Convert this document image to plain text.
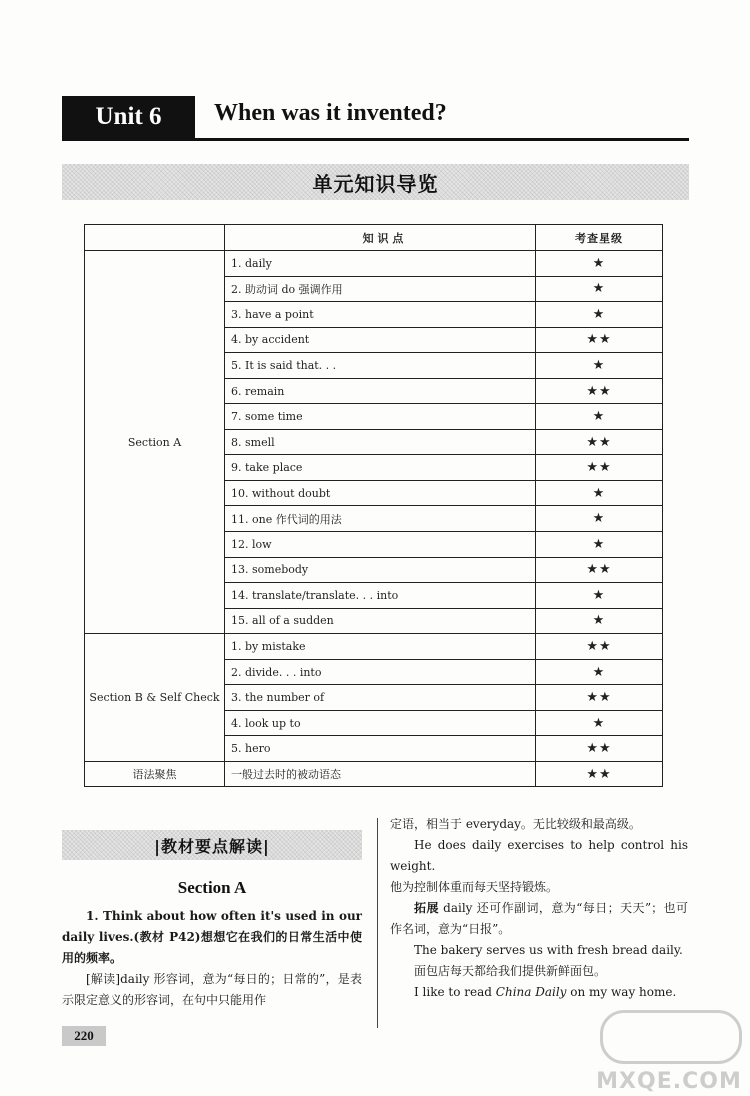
Unit 6	When was it invented?
单元知识导览
	知 识 点	考查星级
Section A	1. daily	★
	2. 助动词 do 强调作用	★
	3. have a point	★
	4. by accident	★★
	5. It is said that. . .	★
	6. remain	★★
	7. some time	★
	8. smell	★★
	9. take place	★★
	10. without doubt	★
	11. one 作代词的用法	★
	12. low	★
	13. somebody	★★
	14. translate/translate. . . into	★
	15. all of a sudden	★
Section B & Self Check	1. by mistake	★★
	2. divide. . . into	★
	3. the number of	★★
	4. look up to	★
	5. hero	★★
语法聚焦	一般过去时的被动语态	★★
|教材要点解读|
Section A

1. Think about how often it's used in our daily lives.(教材 P42)想想它在我们的日常生活中使用的频率。

[解读]daily 形容词，意为“每日的；日常的”，是表示限定意义的形容词，在句中只能用作

定语，相当于 everyday。无比较级和最高级。

He does daily exercises to help control his weight.

他为控制体重而每天坚持锻炼。

拓展 daily 还可作副词，意为“每日；天天”；也可作名词，意为“日报”。

The bakery serves us with fresh bread daily.

面包店每天都给我们提供新鲜面包。

I like to read China Daily on my way home.

220
MXQE.COM
